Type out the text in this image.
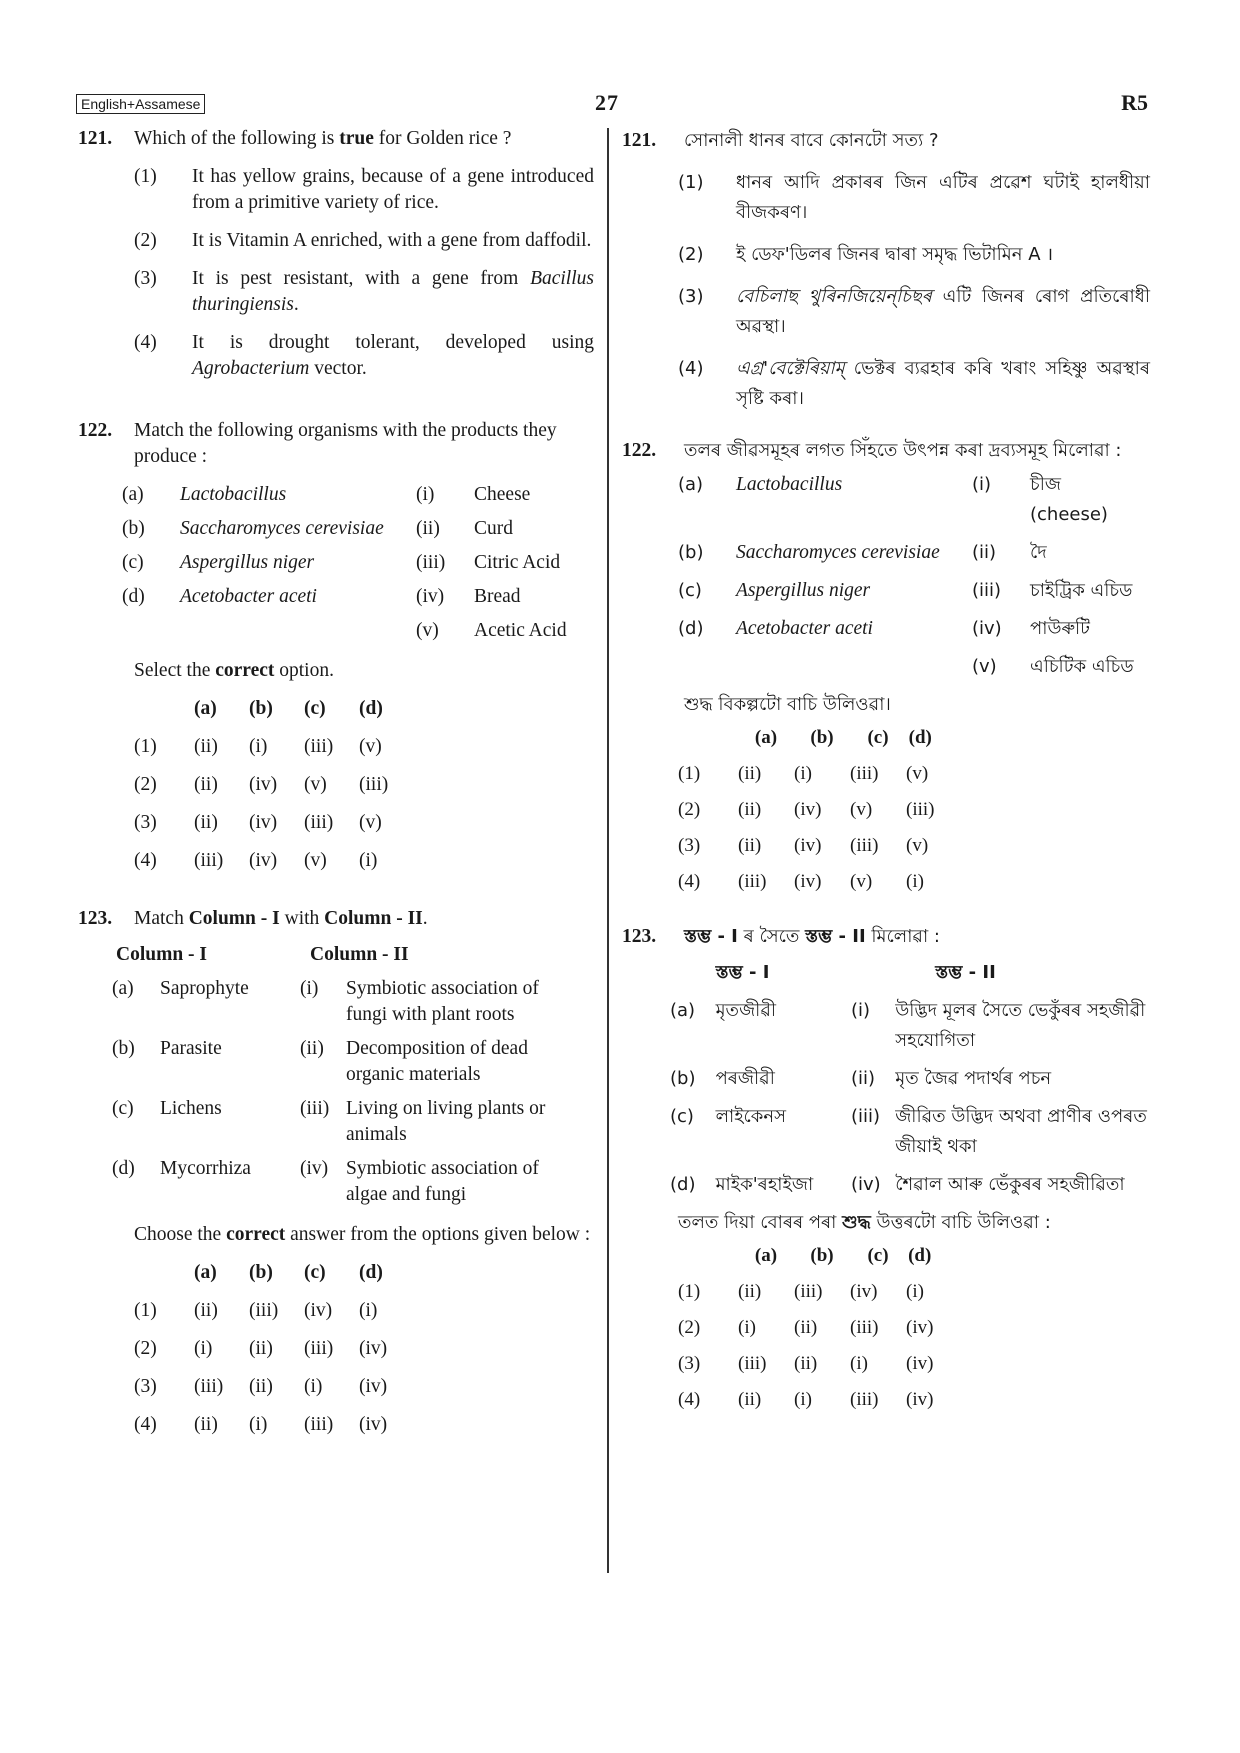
English+Assamese	27	R5
121. Which of the following is true for Golden rice ?
(1)	It has yellow grains, because of a gene introduced from a primitive variety of rice.
(2)	It is Vitamin A enriched, with a gene from daffodil.
(3)	It is pest resistant, with a gene from Bacillus thuringiensis.
(4)	It is drought tolerant, developed using Agrobacterium vector.
122. Match the following organisms with the products they produce :
(a)	Lactobacillus	(i)	Cheese
(b)	Saccharomyces cerevisiae	(ii)	Curd
(c)	Aspergillus niger	(iii)	Citric Acid
(d)	Acetobacter aceti	(iv)	Bread
		(v)	Acetic Acid
Select the correct option.
	(a)	(b)	(c)	(d)
(1)	(ii)	(i)	(iii)	(v)
(2)	(ii)	(iv)	(v)	(iii)
(3)	(ii)	(iv)	(iii)	(v)
(4)	(iii)	(iv)	(v)	(i)
123. Match Column - I with Column - II.
	Column - I		Column - II
(a)	Saprophyte	(i)	Symbiotic association of fungi with plant roots
(b)	Parasite	(ii)	Decomposition of dead organic materials
(c)	Lichens	(iii)	Living on living plants or animals
(d)	Mycorrhiza	(iv)	Symbiotic association of algae and fungi
Choose the correct answer from the options given below :
	(a)	(b)	(c)	(d)
(1)	(ii)	(iii)	(iv)	(i)
(2)	(i)	(ii)	(iii)	(iv)
(3)	(iii)	(ii)	(i)	(iv)
(4)	(ii)	(i)	(iii)	(iv)
121. সোনালী ধানৰ বাবে কোনটো সত্য ?
(1)	ধানৰ আদি প্ৰকাৰৰ জিন এটিৰ প্ৰৱেশ ঘটাই হালধীয়া বীজকৰণ।
(2)	ই ডেফ'ডিলৰ জিনৰ দ্বাৰা সমৃদ্ধ ভিটামিন A ।
(3)	বেচিলাছ থুৰিনজিয়েন্‌চিছৰ এটি জিনৰ ৰোগ প্ৰতিৰোধী অৱস্থা।
(4)	এগ্ৰ'বেক্টেৰিয়াম্‌ ভেক্টৰ ব্যৱহাৰ কৰি খৰাং সহিষ্ণু অৱস্থাৰ সৃষ্টি কৰা।
122. তলৰ জীৱসমূহৰ লগত সিঁহতে উৎপন্ন কৰা দ্ৰব্যসমূহ মিলোৱা :
(a)	Lactobacillus	(i)	চীজ (cheese)
(b)	Saccharomyces cerevisiae	(ii)	দৈ
(c)	Aspergillus niger	(iii)	চাইট্ৰিক এচিড
(d)	Acetobacter aceti	(iv)	পাউৰুটি
		(v)	এচিটিক এচিড
শুদ্ধ বিকল্পটো বাচি উলিওৱা।
	(a)	(b)	(c)	(d)
(1)	(ii)	(i)	(iii)	(v)
(2)	(ii)	(iv)	(v)	(iii)
(3)	(ii)	(iv)	(iii)	(v)
(4)	(iii)	(iv)	(v)	(i)
123. স্তম্ভ - I ৰ সৈতে স্তম্ভ - II মিলোৱা :
	স্তম্ভ - I		স্তম্ভ - II
(a)	মৃতজীৱী	(i)	উদ্ভিদ মূলৰ সৈতে ভেকুঁৰৰ সহজীৱী সহযোগিতা
(b)	পৰজীৱী	(ii)	মৃত জৈৱ পদাৰ্থৰ পচন
(c)	লাইকেনস	(iii)	জীৱিত উদ্ভিদ অথবা প্ৰাণীৰ ওপৰত জীয়াই থকা
(d)	মাইক'ৰহাইজা	(iv)	শৈৱাল আৰু ভেঁকুৰৰ সহজীৱিতা
তলত দিয়া বোৰৰ পৰা শুদ্ধ উত্তৰটো বাচি উলিওৱা :
	(a)	(b)	(c)	(d)
(1)	(ii)	(iii)	(iv)	(i)
(2)	(i)	(ii)	(iii)	(iv)
(3)	(iii)	(ii)	(i)	(iv)
(4)	(ii)	(i)	(iii)	(iv)
